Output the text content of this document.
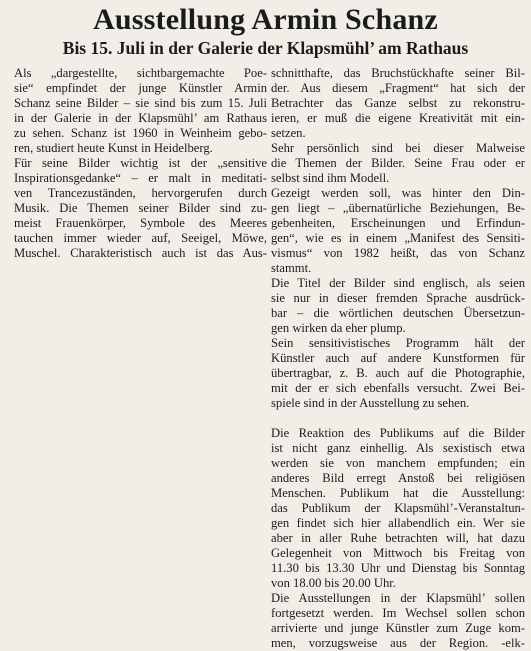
Ausstellung Armin Schanz
Bis 15. Juli in der Galerie der Klapsmühl’ am Rathaus
Als „dargestellte, sichtbargemachte Poe-
sie“ empfindet der junge Künstler Armin
Schanz seine Bilder – sie sind bis zum 15. Juli
in der Galerie in der Klapsmühl’ am Rathaus
zu sehen. Schanz ist 1960 in Weinheim gebo-
ren, studiert heute Kunst in Heidelberg.
Für seine Bilder wichtig ist der „sensitive
Inspirationsgedanke“ – er malt in meditati-
ven Trancezuständen, hervorgerufen durch
Musik. Die Themen seiner Bilder sind zu-
meist Frauenkörper, Symbole des Meeres
tauchen immer wieder auf, Seeigel, Möwe,
Muschel. Charakteristisch auch ist das Aus-
schnitthafte, das Bruchstückhafte seiner Bil-
der. Aus diesem „Fragment“ hat sich der
Betrachter das Ganze selbst zu rekonstru-
ieren, er muß die eigene Kreativität mit ein-
setzen.
Sehr persönlich sind bei dieser Malweise
die Themen der Bilder. Seine Frau oder er
selbst sind ihm Modell.
Gezeigt werden soll, was hinter den Din-
gen liegt – „übernatürliche Beziehungen, Be-
gebenheiten, Erscheinungen und Erfindun-
gen“, wie es in einem „Manifest des Sensiti-
vismus“ von 1982 heißt, das von Schanz
stammt.
Die Titel der Bilder sind englisch, als seien
sie nur in dieser fremden Sprache ausdrück-
bar – die wörtlichen deutschen Übersetzun-
gen wirken da eher plump.
Sein sensitivistisches Programm hält der
Künstler auch auf andere Kunstformen für
übertragbar, z. B. auch auf die Photographie,
mit der er sich ebenfalls versucht. Zwei Bei-
spiele sind in der Ausstellung zu sehen.
Die Reaktion des Publikums auf die Bilder
ist nicht ganz einhellig. Als sexistisch etwa
werden sie von manchem empfunden; ein
anderes Bild erregt Anstoß bei religiösen
Menschen. Publikum hat die Ausstellung:
das Publikum der Klapsmühl’-Veranstaltun-
gen findet sich hier allabendlich ein. Wer sie
aber in aller Ruhe betrachten will, hat dazu
Gelegenheit von Mittwoch bis Freitag von
11.30 bis 13.30 Uhr und Dienstag bis Sonntag
von 18.00 bis 20.00 Uhr.
Die Ausstellungen in der Klapsmühl’ sollen
fortgesetzt werden. Im Wechsel sollen schon
arrivierte und junge Künstler zum Zuge kom-
men, vorzugsweise aus der Region. -elk-
